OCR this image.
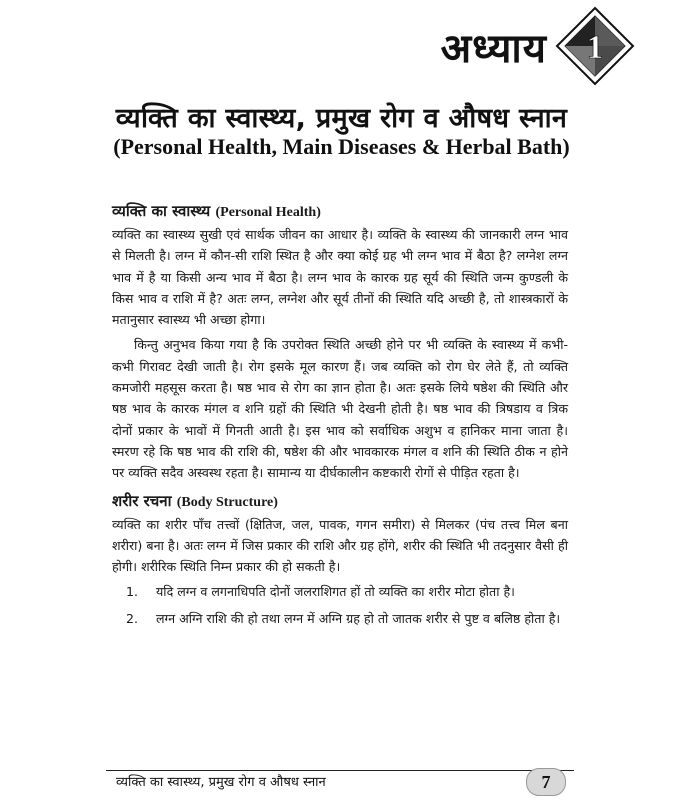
अध्याय 1
व्यक्ति का स्वास्थ्य, प्रमुख रोग व औषध स्नान
(Personal Health, Main Diseases & Herbal Bath)
व्यक्ति का स्वास्थ्य (Personal Health)

व्यक्ति का स्वास्थ्य सुखी एवं सार्थक जीवन का आधार है। व्यक्ति के स्वास्थ्य की जानकारी लग्न भाव से मिलती है। लग्न में कौन-सी राशि स्थित है और क्या कोई ग्रह भी लग्न भाव में बैठा है? लग्नेश लग्न भाव में है या किसी अन्य भाव में बैठा है। लग्न भाव के कारक ग्रह सूर्य की स्थिति जन्म कुण्डली के किस भाव व राशि में है? अतः लग्न, लग्नेश और सूर्य तीनों की स्थिति यदि अच्छी है, तो शास्त्रकारों के मतानुसार स्वास्थ्य भी अच्छा होगा।

किन्तु अनुभव किया गया है कि उपरोक्त स्थिति अच्छी होने पर भी व्यक्ति के स्वास्थ्य में कभी-कभी गिरावट देखी जाती है। रोग इसके मूल कारण हैं। जब व्यक्ति को रोग घेर लेते हैं, तो व्यक्ति कमजोरी महसूस करता है। षष्ठ भाव से रोग का ज्ञान होता है। अतः इसके लिये षष्ठेश की स्थिति और षष्ठ भाव के कारक मंगल व शनि ग्रहों की स्थिति भी देखनी होती है। षष्ठ भाव की त्रिषडाय व त्रिक दोनों प्रकार के भावों में गिनती आती है। इस भाव को सर्वाधिक अशुभ व हानिकर माना जाता है। स्मरण रहे कि षष्ठ भाव की राशि की, षष्ठेश की और भावकारक मंगल व शनि की स्थिति ठीक न होने पर व्यक्ति सदैव अस्वस्थ रहता है। सामान्य या दीर्घकालीन कष्टकारी रोगों से पीड़ित रहता है।

शरीर रचना (Body Structure)

व्यक्ति का शरीर पाँच तत्त्वों (क्षितिज, जल, पावक, गगन समीरा) से मिलकर (पंच तत्त्व मिल बना शरीरा) बना है। अतः लग्न में जिस प्रकार की राशि और ग्रह होंगे, शरीर की स्थिति भी तदनुसार वैसी ही होगी। शरीरिक स्थिति निम्न प्रकार की हो सकती है।

1.	यदि लग्न व लगनाधिपति दोनों जलराशिगत हों तो व्यक्ति का शरीर मोटा होता है।
2.	लग्न अग्नि राशि की हो तथा लग्न में अग्नि ग्रह हो तो जातक शरीर से पुष्ट व बलिष्ठ होता है।
व्यक्ति का स्वास्थ्य, प्रमुख रोग व औषध स्नान	7
